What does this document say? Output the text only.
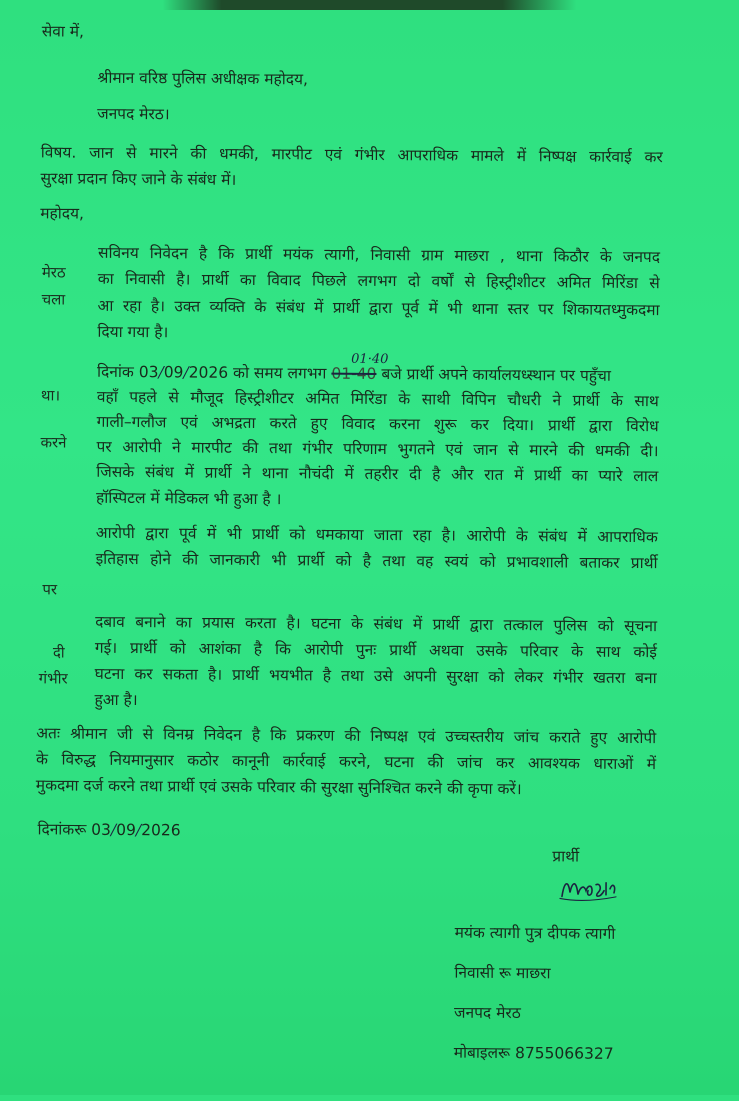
सेवा में,
श्रीमान वरिष्ठ पुलिस अधीक्षक महोदय,
जनपद मेरठ।
विषय. जान से मारने की धमकी, मारपीट एवं गंभीर आपराधिक मामले में निष्पक्ष कार्रवाई कर
सुरक्षा प्रदान किए जाने के संबंध में।
महोदय,
मेरठ
चला
था।
करने
पर
दी
गंभीर
सविनय निवेदन है कि प्रार्थी मयंक त्यागी, निवासी ग्राम माछरा , थाना किठौर के जनपद
का निवासी है। प्रार्थी का विवाद पिछले लगभग दो वर्षों से हिस्ट्रीशीटर अमित मिरिंडा से
आ रहा है। उक्त व्यक्ति के संबंध में प्रार्थी द्वारा पूर्व में भी थाना स्तर पर शिकायतध्मुकदमा
दिया गया है।
दिनांक 03/09/2026 को समय लगभग 01-40 बजे प्रार्थी अपने कार्यालयध्स्थान पर पहुँचा
01·40
वहाँ पहले से मौजूद हिस्ट्रीशीटर अमित मिरिंडा के साथी विपिन चौधरी ने प्रार्थी के साथ
गाली–गलौज एवं अभद्रता करते हुए विवाद करना शुरू कर दिया। प्रार्थी द्वारा विरोध
पर आरोपी ने मारपीट की तथा गंभीर परिणाम भुगतने एवं जान से मारने की धमकी दी।
जिसके संबंध में प्रार्थी ने थाना नौचंदी में तहरीर दी है और रात में प्रार्थी का प्यारे लाल
हॉस्पिटल में मेडिकल भी हुआ है ।
आरोपी द्वारा पूर्व में भी प्रार्थी को धमकाया जाता रहा है। आरोपी के संबंध में आपराधिक
इतिहास होने की जानकारी भी प्रार्थी को है तथा वह स्वयं को प्रभावशाली बताकर प्रार्थी
दबाव बनाने का प्रयास करता है। घटना के संबंध में प्रार्थी द्वारा तत्काल पुलिस को सूचना
गई। प्रार्थी को आशंका है कि आरोपी पुनः प्रार्थी अथवा उसके परिवार के साथ कोई
घटना कर सकता है। प्रार्थी भयभीत है तथा उसे अपनी सुरक्षा को लेकर गंभीर खतरा बना
हुआ है।
अतः श्रीमान जी से विनम्र निवेदन है कि प्रकरण की निष्पक्ष एवं उच्चस्तरीय जांच कराते हुए आरोपी
के विरुद्ध नियमानुसार कठोर कानूनी कार्रवाई करने, घटना की जांच कर आवश्यक धाराओं में
मुकदमा दर्ज करने तथा प्रार्थी एवं उसके परिवार की सुरक्षा सुनिश्चित करने की कृपा करें।
दिनांकरू 03/09/2026
प्रार्थी
मयंक त्यागी पुत्र दीपक त्यागी
निवासी रू माछरा
जनपद मेरठ
मोबाइलरू 8755066327
